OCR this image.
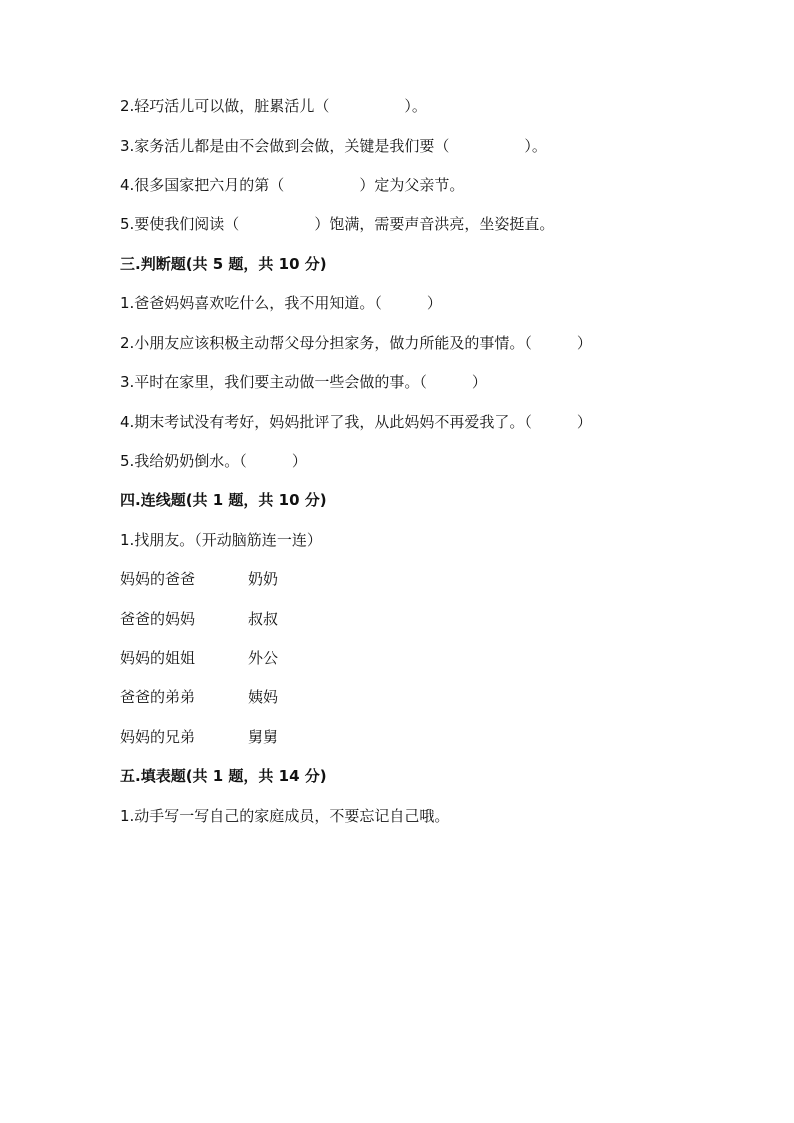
2.轻巧活儿可以做，脏累活儿（　　　　　）。
3.家务活儿都是由不会做到会做，关键是我们要（　　　　　）。
4.很多国家把六月的第（　　　　　）定为父亲节。
5.要使我们阅读（　　　　　）饱满，需要声音洪亮，坐姿挺直。
三.判断题(共 5 题，共 10 分)
1.爸爸妈妈喜欢吃什么，我不用知道。（　　　）
2.小朋友应该积极主动帮父母分担家务，做力所能及的事情。（　　　）
3.平时在家里，我们要主动做一些会做的事。（　　　）
4.期末考试没有考好，妈妈批评了我，从此妈妈不再爱我了。（　　　）
5.我给奶奶倒水。（　　　）
四.连线题(共 1 题，共 10 分)
1.找朋友。（开动脑筋连一连）
妈妈的爸爸	奶奶
爸爸的妈妈	叔叔
妈妈的姐姐	外公
爸爸的弟弟	姨妈
妈妈的兄弟	舅舅
五.填表题(共 1 题，共 14 分)
1.动手写一写自己的家庭成员，不要忘记自己哦。
